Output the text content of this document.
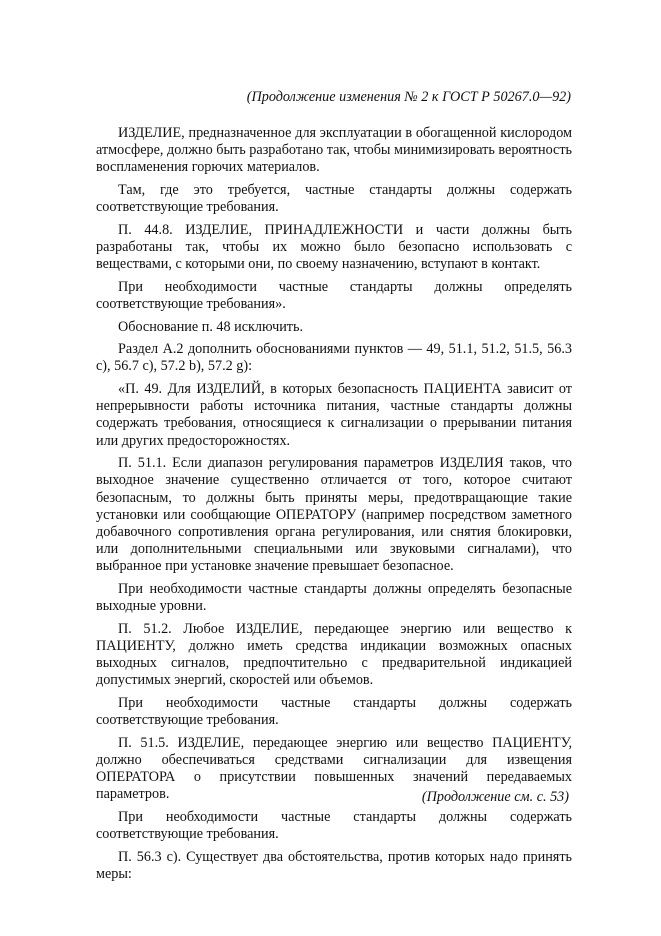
(Продолжение изменения № 2 к ГОСТ Р 50267.0—92)

ИЗДЕЛИЕ, предназначенное для эксплуатации в обогащенной кислородом атмосфере, должно быть разработано так, чтобы минимизировать вероятность воспламенения горючих материалов.

Там, где это требуется, частные стандарты должны содержать соответствующие требования.

П. 44.8. ИЗДЕЛИЕ, ПРИНАДЛЕЖНОСТИ и части должны быть разработаны так, чтобы их можно было безопасно использовать с веществами, с которыми они, по своему назначению, вступают в контакт.

При необходимости частные стандарты должны определять соответствующие требования».

Обоснование п. 48 исключить.

Раздел А.2 дополнить обоснованиями пунктов — 49, 51.1, 51.2, 51.5, 56.3 с), 56.7 с), 57.2 b), 57.2 g):

«П. 49. Для ИЗДЕЛИЙ, в которых безопасность ПАЦИЕНТА зависит от непрерывности работы источника питания, частные стандарты должны содержать требования, относящиеся к сигнализации о прерывании питания или других предосторожностях.

П. 51.1. Если диапазон регулирования параметров ИЗДЕЛИЯ таков, что выходное значение существенно отличается от того, которое считают безопасным, то должны быть приняты меры, предотвращающие такие установки или сообщающие ОПЕРАТОРУ (например посредством заметного добавочного сопротивления органа регулирования, или снятия блокировки, или дополнительными специальными или звуковыми сигналами), что выбранное при установке значение превышает безопасное.

При необходимости частные стандарты должны определять безопасные выходные уровни.

П. 51.2. Любое ИЗДЕЛИЕ, передающее энергию или вещество к ПАЦИЕНТУ, должно иметь средства индикации возможных опасных выходных сигналов, предпочтительно с предварительной индикацией допустимых энергий, скоростей или объемов.

При необходимости частные стандарты должны содержать соответствующие требования.

П. 51.5. ИЗДЕЛИЕ, передающее энергию или вещество ПАЦИЕНТУ, должно обеспечиваться средствами сигнализации для извещения ОПЕРАТОРА о присутствии повышенных значений передаваемых параметров.

При необходимости частные стандарты должны содержать соответствующие требования.

П. 56.3 с). Существует два обстоятельства, против которых надо принять меры:

(Продолжение см. с. 53)
